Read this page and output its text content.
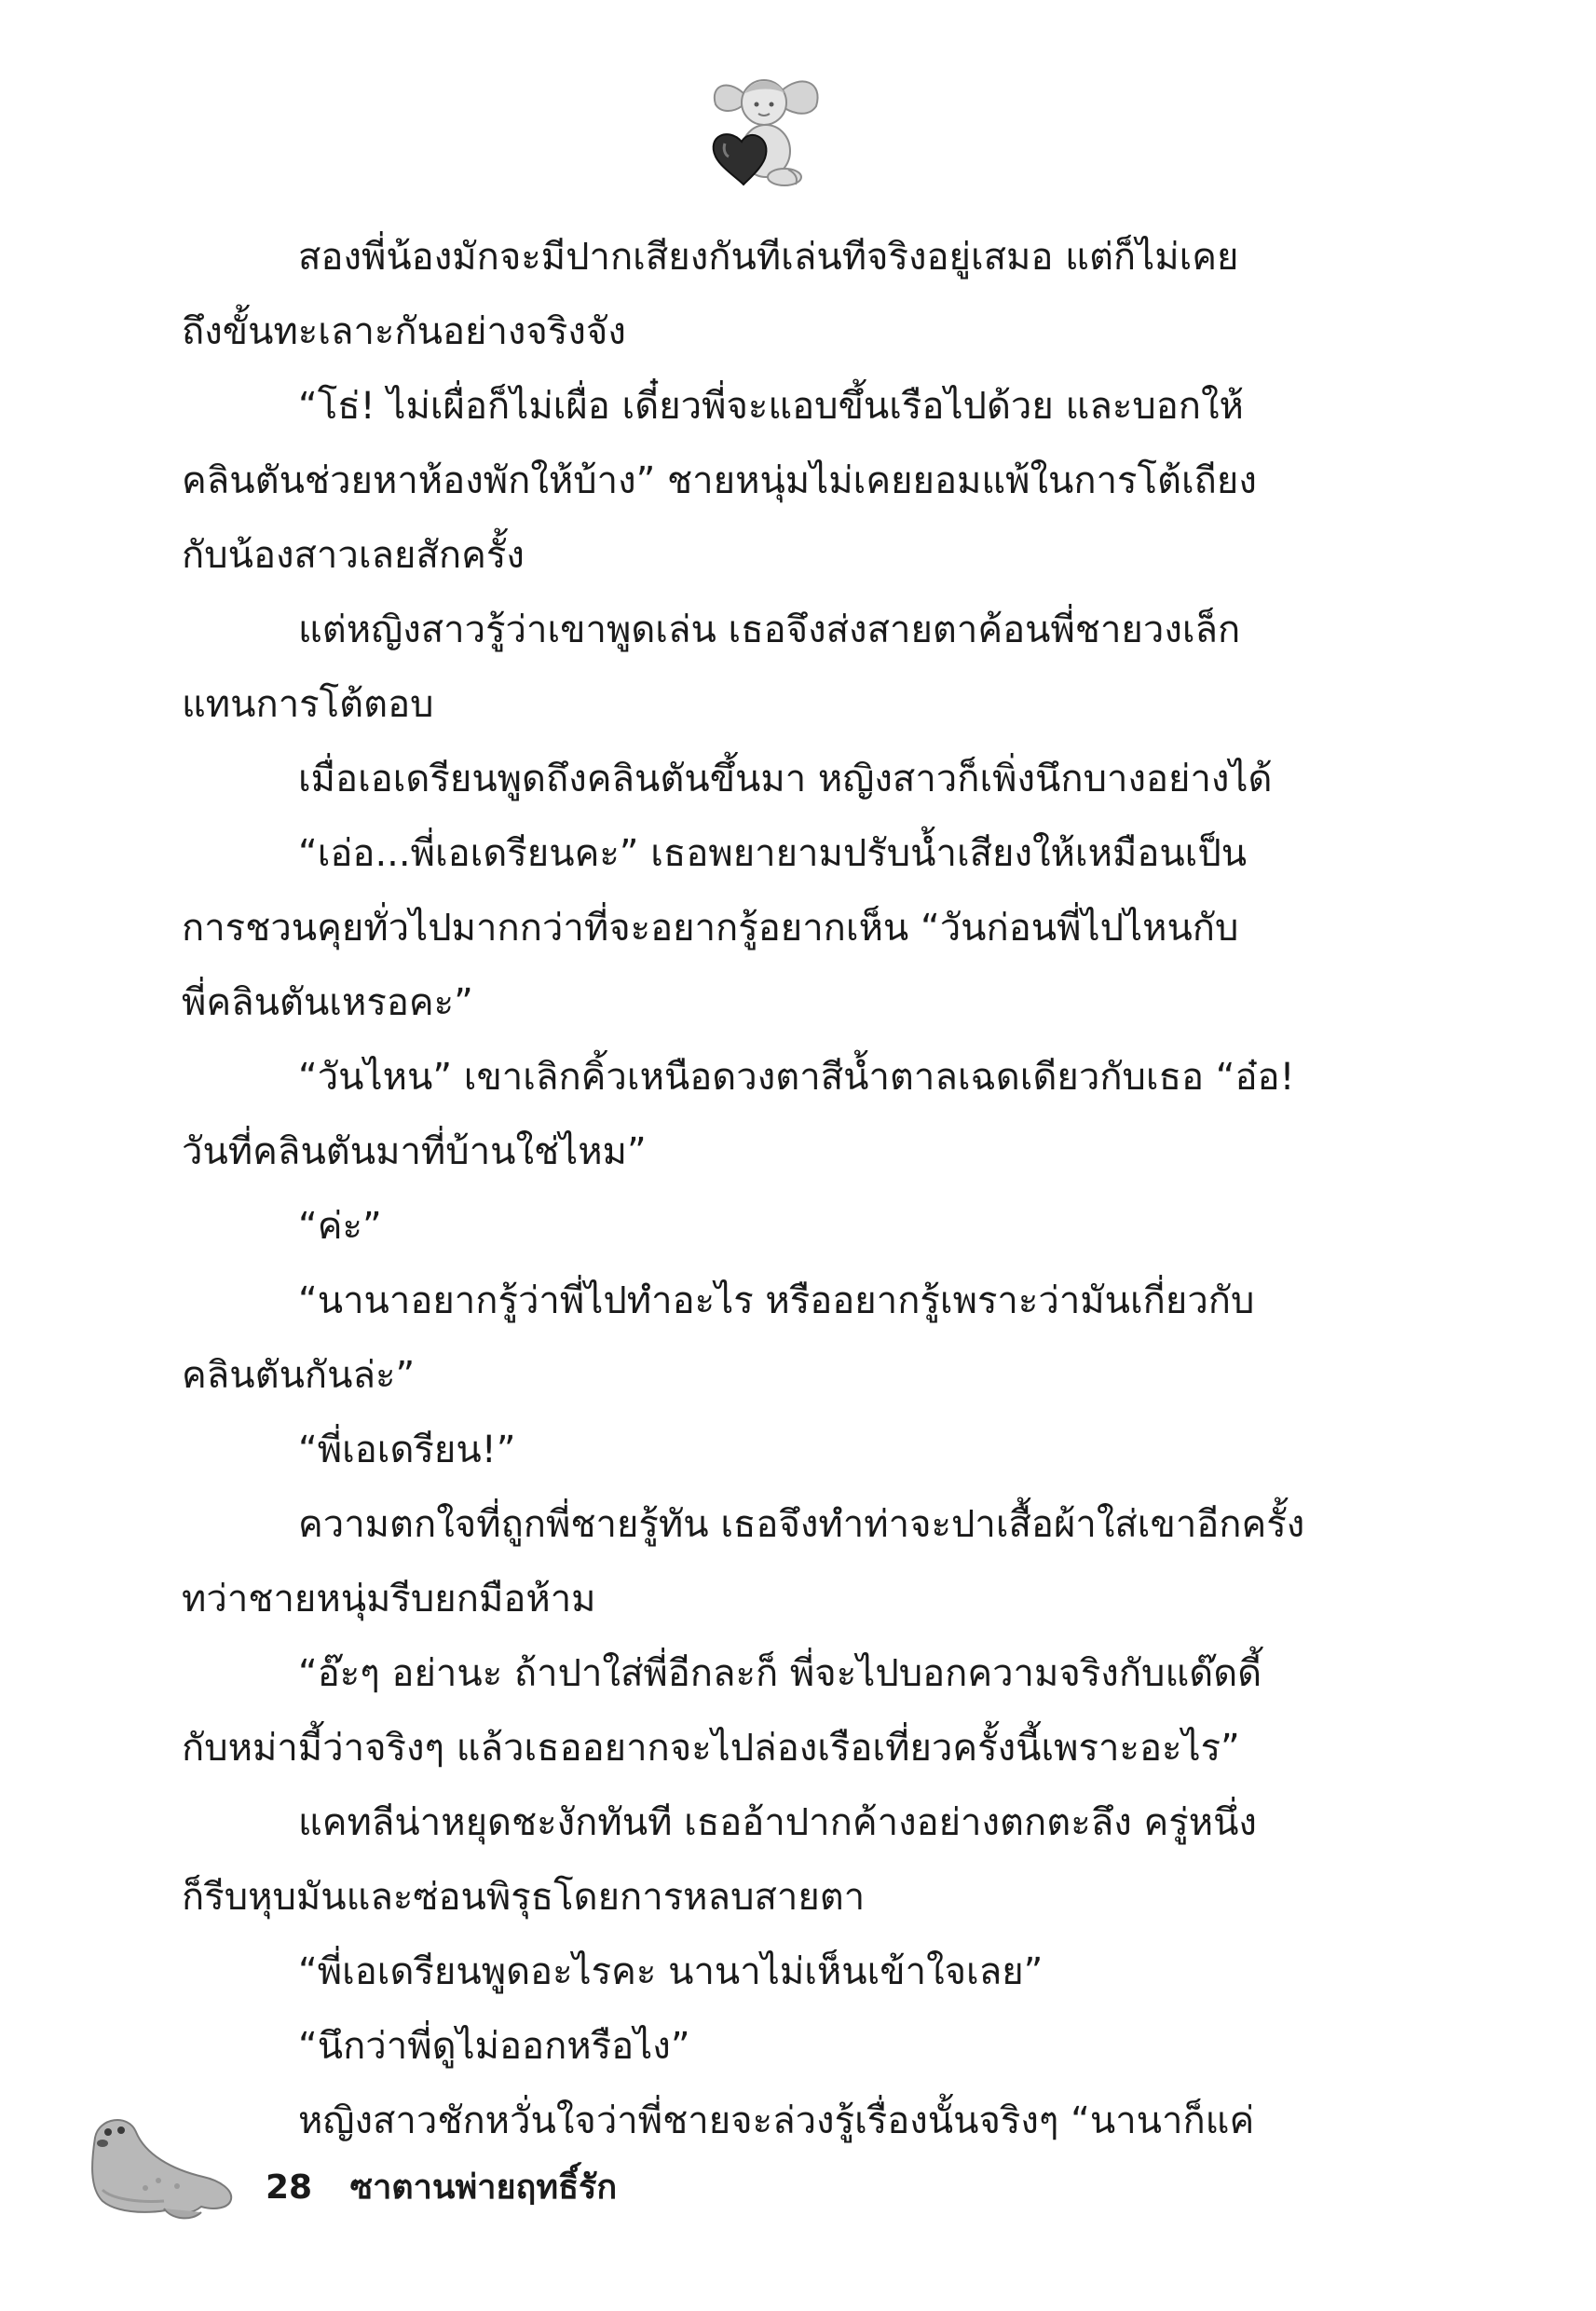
สองพี่น้องมักจะมีปากเสียงกันทีเล่นทีจริงอยู่เสมอ แต่ก็ไม่เคย

ถึงขั้นทะเลาะกันอย่างจริงจัง

“โธ่! ไม่เผื่อก็ไม่เผื่อ เดี๋ยวพี่จะแอบขึ้นเรือไปด้วย และบอกให้

คลินตันช่วยหาห้องพักให้บ้าง” ชายหนุ่มไม่เคยยอมแพ้ในการโต้เถียง

กับน้องสาวเลยสักครั้ง

แต่หญิงสาวรู้ว่าเขาพูดเล่น เธอจึงส่งสายตาค้อนพี่ชายวงเล็ก

แทนการโต้ตอบ

เมื่อเอเดรียนพูดถึงคลินตันขึ้นมา หญิงสาวก็เพิ่งนึกบางอย่างได้

“เอ่อ...พี่เอเดรียนคะ” เธอพยายามปรับน้ำเสียงให้เหมือนเป็น

การชวนคุยทั่วไปมากกว่าที่จะอยากรู้อยากเห็น “วันก่อนพี่ไปไหนกับ

พี่คลินตันเหรอคะ”

“วันไหน” เขาเลิกคิ้วเหนือดวงตาสีน้ำตาลเฉดเดียวกับเธอ “อ๋อ!

วันที่คลินตันมาที่บ้านใช่ไหม”

“ค่ะ”

“นานาอยากรู้ว่าพี่ไปทำอะไร หรืออยากรู้เพราะว่ามันเกี่ยวกับ

คลินตันกันล่ะ”

“พี่เอเดรียน!”

ความตกใจที่ถูกพี่ชายรู้ทัน เธอจึงทำท่าจะปาเสื้อผ้าใส่เขาอีกครั้ง

ทว่าชายหนุ่มรีบยกมือห้าม

“อ๊ะๆ อย่านะ ถ้าปาใส่พี่อีกละก็ พี่จะไปบอกความจริงกับแด๊ดดี้

กับหม่ามี้ว่าจริงๆ แล้วเธออยากจะไปล่องเรือเที่ยวครั้งนี้เพราะอะไร”

แคทลีน่าหยุดชะงักทันที เธออ้าปากค้างอย่างตกตะลึง ครู่หนึ่ง

ก็รีบหุบมันและซ่อนพิรุธโดยการหลบสายตา

“พี่เอเดรียนพูดอะไรคะ นานาไม่เห็นเข้าใจเลย”

“นึกว่าพี่ดูไม่ออกหรือไง”

หญิงสาวชักหวั่นใจว่าพี่ชายจะล่วงรู้เรื่องนั้นจริงๆ “นานาก็แค่

28 ซาตานพ่ายฤทธิ์รัก
